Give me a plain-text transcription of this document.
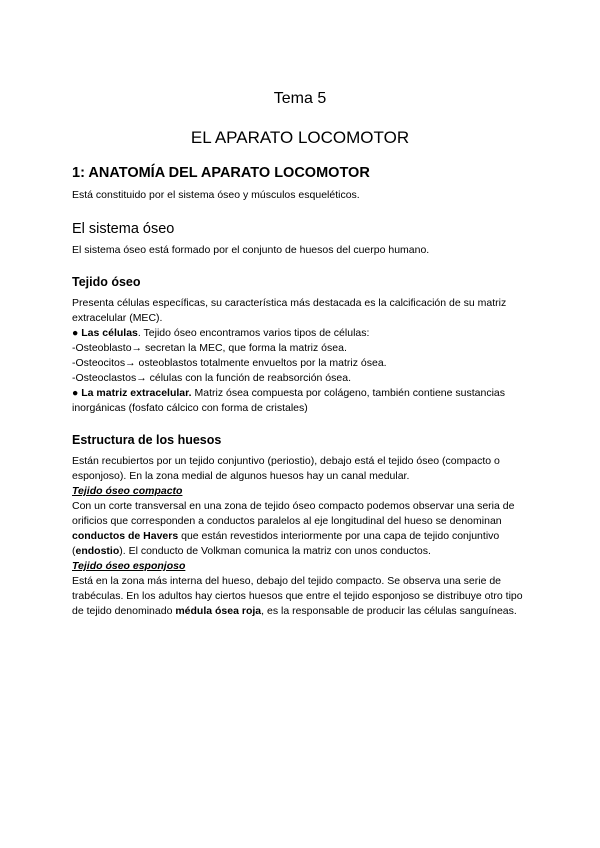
Tema 5
EL APARATO LOCOMOTOR
1: ANATOMÍA DEL APARATO LOCOMOTOR

Está constituido por el sistema óseo y músculos esqueléticos.

El sistema óseo

El sistema óseo está formado por el conjunto de huesos del cuerpo humano.

Tejido óseo

Presenta células específicas, su característica más destacada es la calcificación de su matriz extracelular (MEC).

● Las células. Tejido óseo encontramos varios tipos de células:

-Osteoblasto→ secretan la MEC, que forma la matriz ósea.

-Osteocitos→ osteoblastos totalmente envueltos por la matriz ósea.

-Osteoclastos→ células con la función de reabsorción ósea.

● La matriz extracelular. Matriz ósea compuesta por colágeno, también contiene sustancias inorgánicas (fosfato cálcico con forma de cristales)

Estructura de los huesos

Están recubiertos por un tejido conjuntivo (periostio), debajo está el tejido óseo (compacto o esponjoso). En la zona medial de algunos huesos hay un canal medular.

Tejido óseo compacto

Con un corte transversal en una zona de tejido óseo compacto podemos observar una seria de orificios que corresponden a conductos paralelos al eje longitudinal del hueso se denominan conductos de Havers que están revestidos interiormente por una capa de tejido conjuntivo (endostio). El conducto de Volkman comunica la matriz con unos conductos.

Tejido óseo esponjoso

Está en la zona más interna del hueso, debajo del tejido compacto. Se observa una serie de trabéculas. En los adultos hay ciertos huesos que entre el tejido esponjoso se distribuye otro tipo de tejido denominado médula ósea roja, es la responsable de producir las células sanguíneas.
